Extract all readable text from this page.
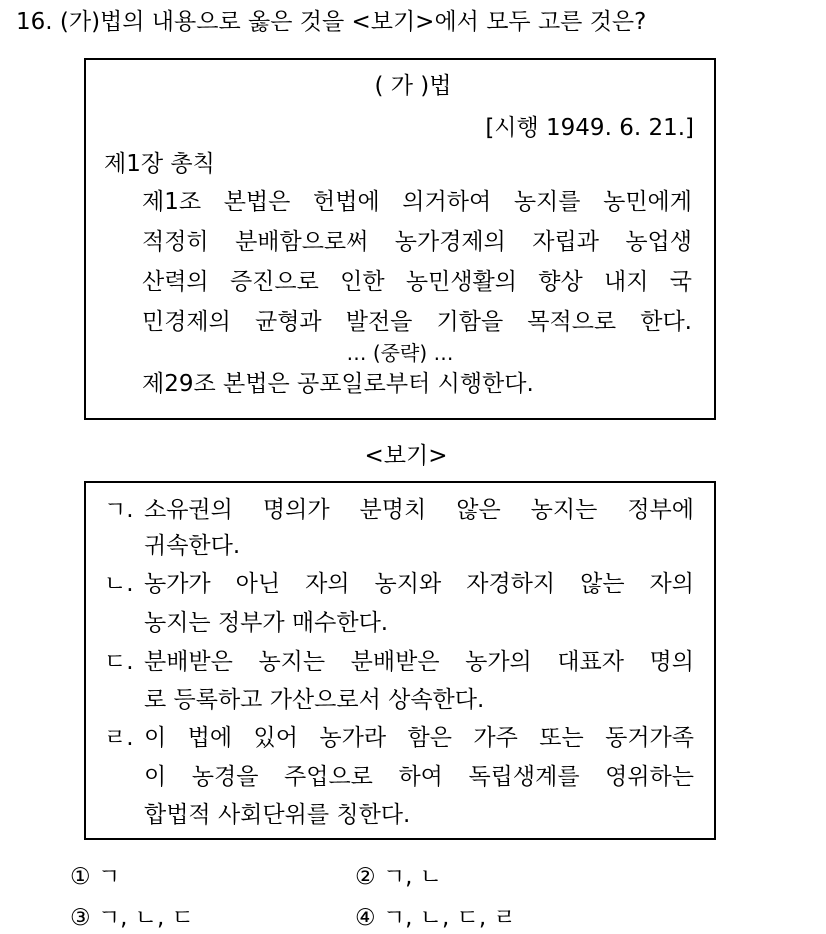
16. (가)법의 내용으로 옳은 것을 <보기>에서 모두 고른 것은?
( 가 )법
[시행 1949. 6. 21.]
제1장 총칙
제1조 본법은 헌법에 의거하여 농지를 농민에게
적정히 분배함으로써 농가경제의 자립과 농업생
산력의 증진으로 인한 농민생활의 향상 내지 국
민경제의 균형과 발전을 기함을 목적으로 한다.
… (중략) …
제29조 본법은 공포일로부터 시행한다.
<보기>
ㄱ. 소유권의 명의가 분명치 않은 농지는 정부에
귀속한다.
ㄴ. 농가가 아닌 자의 농지와 자경하지 않는 자의
농지는 정부가 매수한다.
ㄷ. 분배받은 농지는 분배받은 농가의 대표자 명의
로 등록하고 가산으로서 상속한다.
ㄹ. 이 법에 있어 농가라 함은 가주 또는 동거가족
이 농경을 주업으로 하여 독립생계를 영위하는
합법적 사회단위를 칭한다.
① ㄱ	② ㄱ, ㄴ
③ ㄱ, ㄴ, ㄷ	④ ㄱ, ㄴ, ㄷ, ㄹ
